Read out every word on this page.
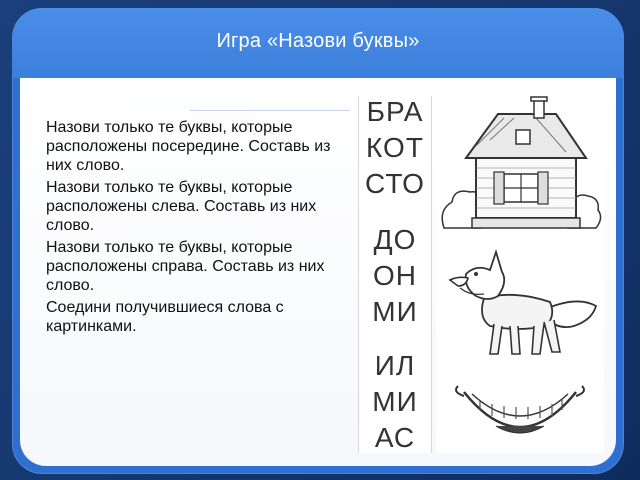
Игра «Назови буквы»

Назови только те буквы, которые расположены посередине. Составь из них слово.

Назови только те буквы, которые расположены слева. Составь из них слово.

Назови только те буквы, которые расположены справа. Составь из них слово.

Соедини получившиеся слова с картинками.

БРА
КОТ
СТО
ДО
ОН
МИ
ИЛ
МИ
АС
